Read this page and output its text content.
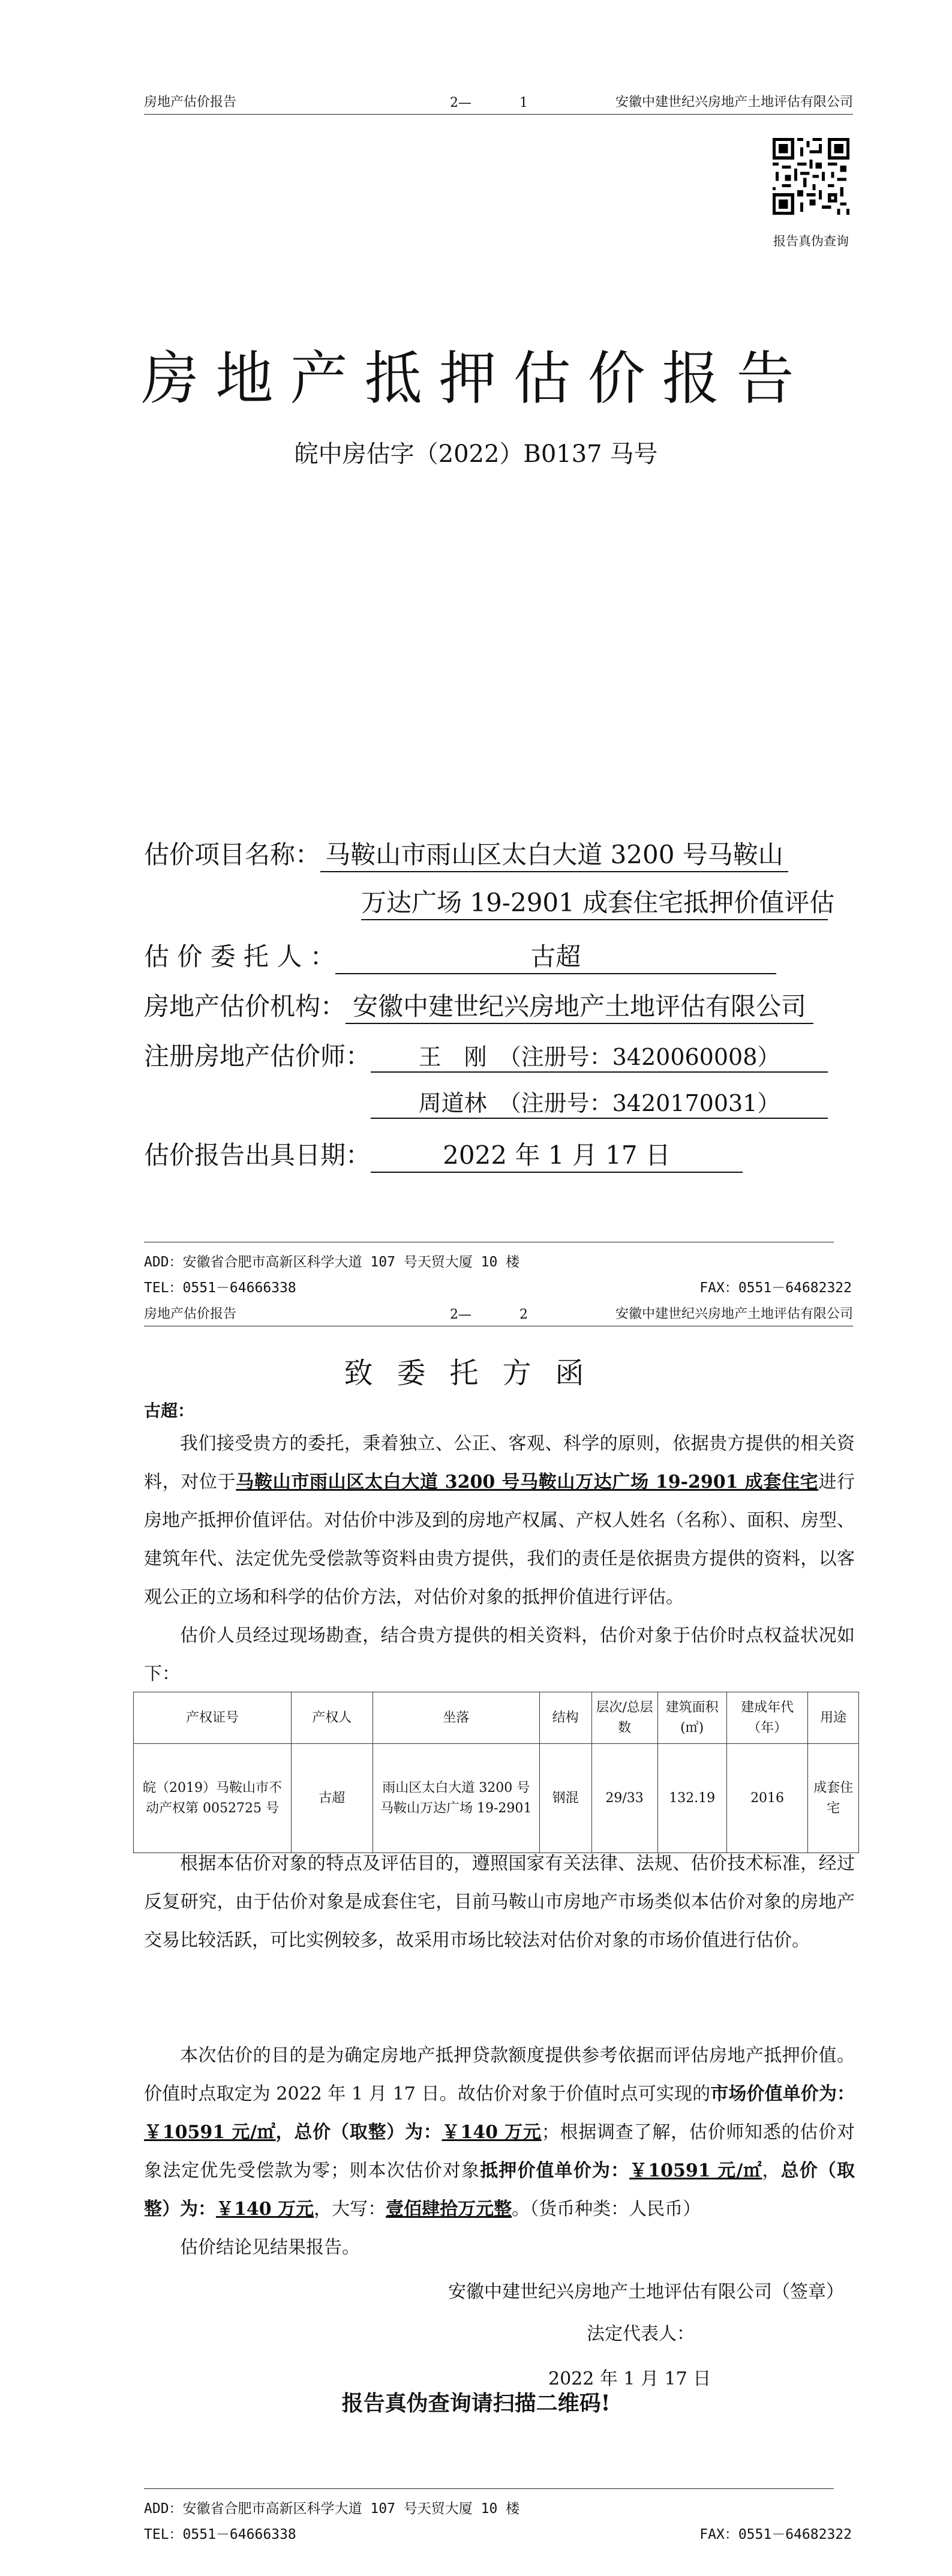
房地产估价报告	2—	1	安徽中建世纪兴房地产土地评估有限公司
报告真伪查询
房地产抵押估价报告
皖中房估字（2022）B0137 马号
估价项目名称： 马鞍山市雨山区太白大道 3200 号马鞍山
万达广场 19-2901 成套住宅抵押价值评估
估 价 委 托 人 ：	古超
房地产估价机构： 安徽中建世纪兴房地产土地评估有限公司
注册房地产估价师： 王　刚　（注册号：3420060008）
周道林　（注册号：3420170031）
估价报告出具日期：	2022 年 1 月 17 日
ADD：安徽省合肥市高新区科学大道 107 号天贸大厦 10 楼
TEL：0551－64666338	FAX：0551－64682322
房地产估价报告	2—	2	安徽中建世纪兴房地产土地评估有限公司
致委托方函
古超：
我们接受贵方的委托，秉着独立、公正、客观、科学的原则，依据贵方提供的相关资料，对位于马鞍山市雨山区太白大道 3200 号马鞍山万达广场 19-2901 成套住宅进行房地产抵押价值评估。对估价中涉及到的房地产权属、产权人姓名（名称）、面积、房型、建筑年代、法定优先受偿款等资料由贵方提供，我们的责任是依据贵方提供的资料，以客观公正的立场和科学的估价方法，对估价对象的抵押价值进行评估。
估价人员经过现场勘查，结合贵方提供的相关资料，估价对象于估价时点权益状况如下：
产权证号	产权人	坐落	结构	层次/总层数	建筑面积(㎡)	建成年代（年）	用途
皖（2019）马鞍山市不动产权第 0052725 号	古超	雨山区太白大道 3200 号马鞍山万达广场 19-2901	钢混	29/33	132.19	2016	成套住宅
根据本估价对象的特点及评估目的，遵照国家有关法律、法规、估价技术标准，经过反复研究，由于估价对象是成套住宅，目前马鞍山市房地产市场类似本估价对象的房地产交易比较活跃，可比实例较多，故采用市场比较法对估价对象的市场价值进行估价。
本次估价的目的是为确定房地产抵押贷款额度提供参考依据而评估房地产抵押价值。价值时点取定为 2022 年 1 月 17 日。故估价对象于价值时点可实现的市场价值单价为：￥10591 元/㎡，总价（取整）为：￥140 万元；根据调查了解，估价师知悉的估价对象法定优先受偿款为零；则本次估价对象抵押价值单价为：￥10591 元/㎡，总价（取整）为：￥140 万元，大写：壹佰肆拾万元整。（货币种类：人民币）
估价结论见结果报告。
安徽中建世纪兴房地产土地评估有限公司（签章）
法定代表人：
2022 年 1 月 17 日
报告真伪查询请扫描二维码!
ADD：安徽省合肥市高新区科学大道 107 号天贸大厦 10 楼
TEL：0551－64666338	FAX：0551－64682322
